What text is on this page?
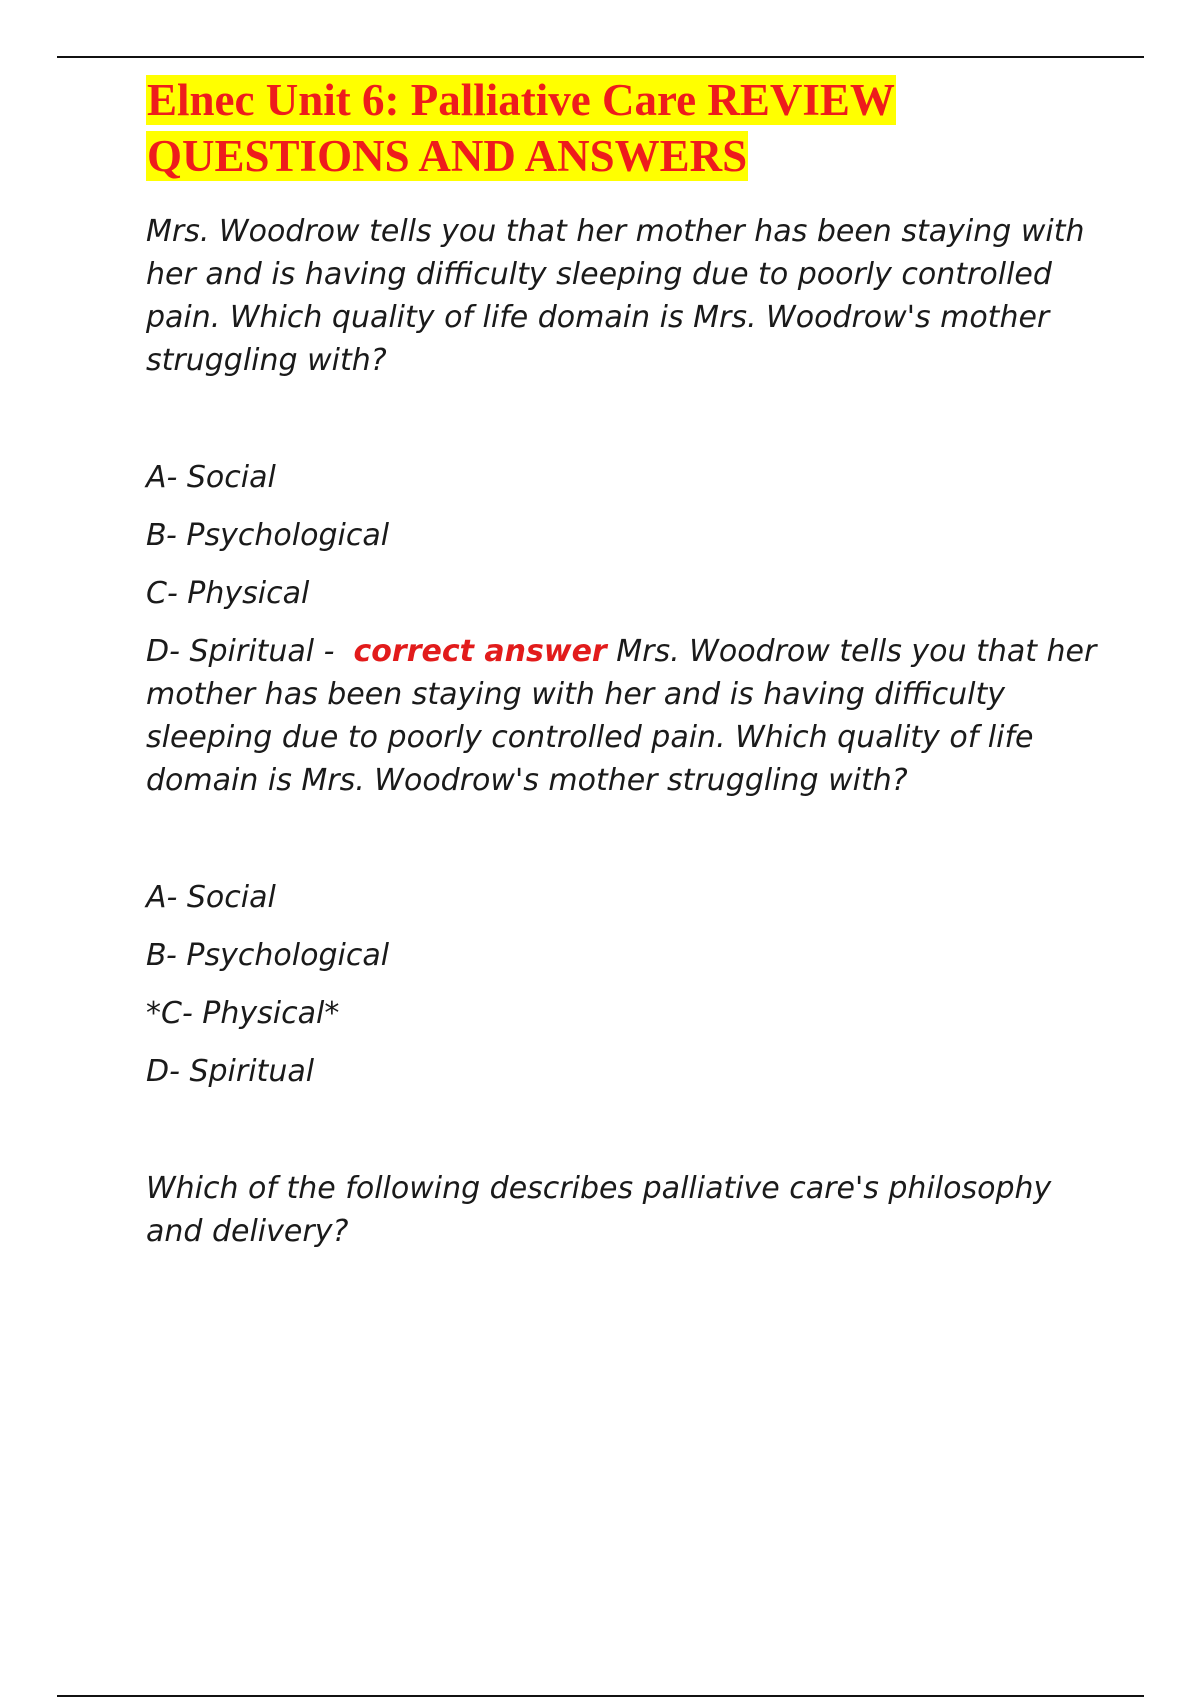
Elnec Unit 6: Palliative Care REVIEW
QUESTIONS AND ANSWERS

Mrs. Woodrow tells you that her mother has been staying with her and is having difficulty sleeping due to poorly controlled pain. Which quality of life domain is Mrs. Woodrow's mother struggling with?

A- Social

B- Psychological

C- Physical

D- Spiritual - correct answer Mrs. Woodrow tells you that her mother has been staying with her and is having difficulty sleeping due to poorly controlled pain. Which quality of life domain is Mrs. Woodrow's mother struggling with?

A- Social

B- Psychological

*C- Physical*

D- Spiritual

Which of the following describes palliative care's philosophy and delivery?
